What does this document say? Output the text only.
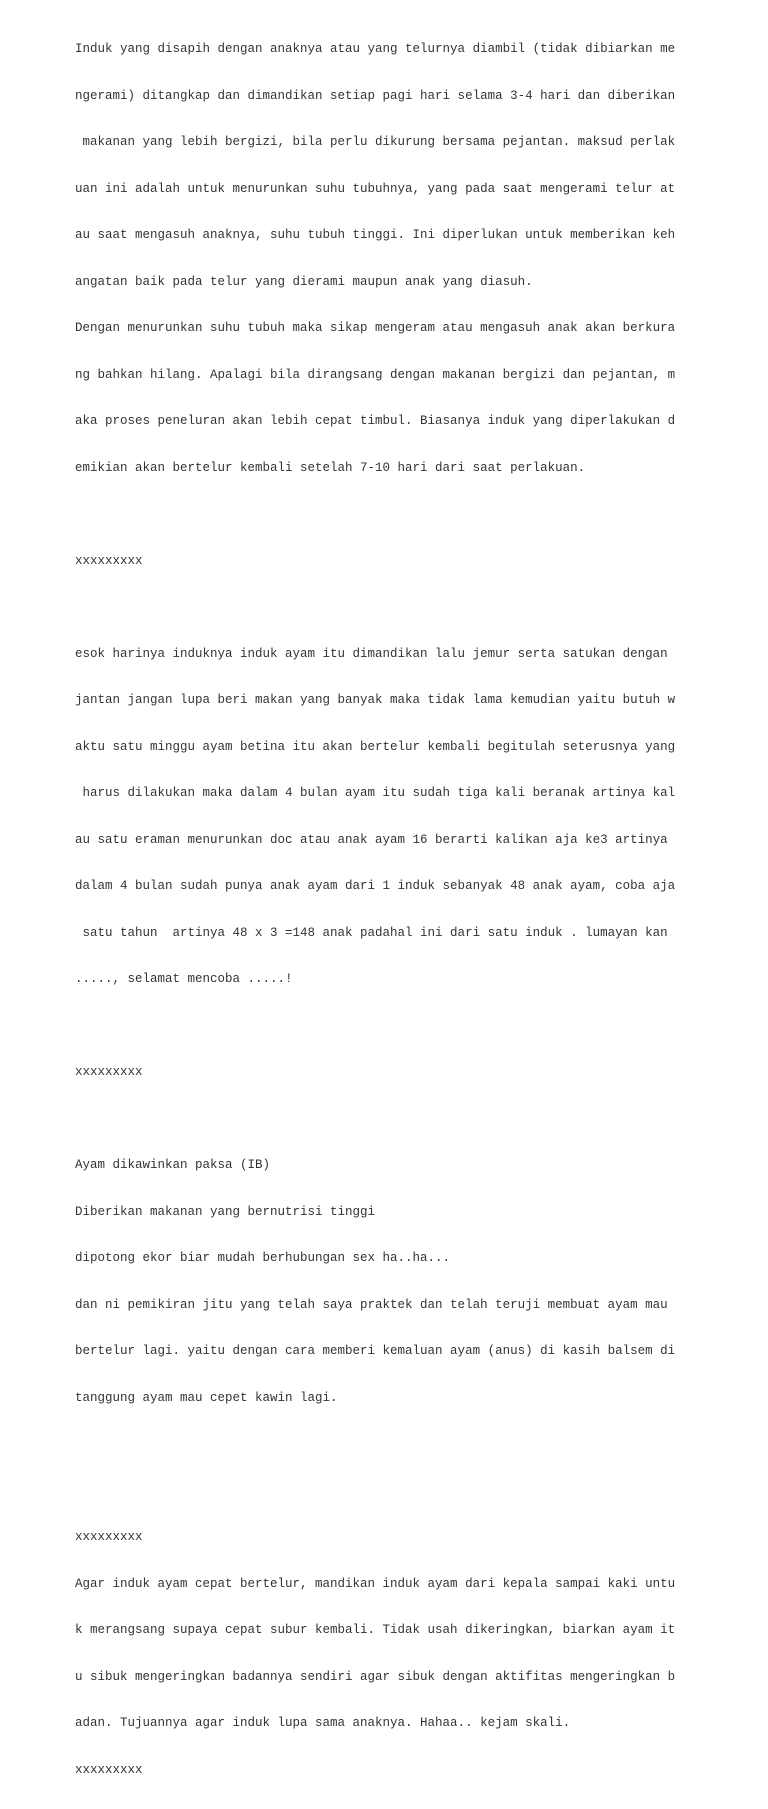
Induk yang disapih dengan anaknya atau yang telurnya diambil (tidak dibiarkan me

ngerami) ditangkap dan dimandikan setiap pagi hari selama 3-4 hari dan diberikan

makanan yang lebih bergizi, bila perlu dikurung bersama pejantan. maksud perlak

uan ini adalah untuk menurunkan suhu tubuhnya, yang pada saat mengerami telur at

au saat mengasuh anaknya, suhu tubuh tinggi. Ini diperlukan untuk memberikan keh

angatan baik pada telur yang dierami maupun anak yang diasuh.

Dengan menurunkan suhu tubuh maka sikap mengeram atau mengasuh anak akan berkura

ng bahkan hilang. Apalagi bila dirangsang dengan makanan bergizi dan pejantan, m

aka proses peneluran akan lebih cepat timbul. Biasanya induk yang diperlakukan d

emikian akan bertelur kembali setelah 7-10 hari dari saat perlakuan.

xxxxxxxxx

esok harinya induknya induk ayam itu dimandikan lalu jemur serta satukan dengan

jantan jangan lupa beri makan yang banyak maka tidak lama kemudian yaitu butuh w

aktu satu minggu ayam betina itu akan bertelur kembali begitulah seterusnya yang

harus dilakukan maka dalam 4 bulan ayam itu sudah tiga kali beranak artinya kal

au satu eraman menurunkan doc atau anak ayam 16 berarti kalikan aja ke3 artinya

dalam 4 bulan sudah punya anak ayam dari 1 induk sebanyak 48 anak ayam, coba aja

satu tahun  artinya 48 x 3 =148 anak padahal ini dari satu induk . lumayan kan

....., selamat mencoba .....!

xxxxxxxxx

Ayam dikawinkan paksa (IB)

Diberikan makanan yang bernutrisi tinggi

dipotong ekor biar mudah berhubungan sex ha..ha...

dan ni pemikiran jitu yang telah saya praktek dan telah teruji membuat ayam mau

bertelur lagi. yaitu dengan cara memberi kemaluan ayam (anus) di kasih balsem di

tanggung ayam mau cepet kawin lagi.

xxxxxxxxx

Agar induk ayam cepat bertelur, mandikan induk ayam dari kepala sampai kaki untu

k merangsang supaya cepat subur kembali. Tidak usah dikeringkan, biarkan ayam it

u sibuk mengeringkan badannya sendiri agar sibuk dengan aktifitas mengeringkan b

adan. Tujuannya agar induk lupa sama anaknya. Hahaa.. kejam skali.

xxxxxxxxx
